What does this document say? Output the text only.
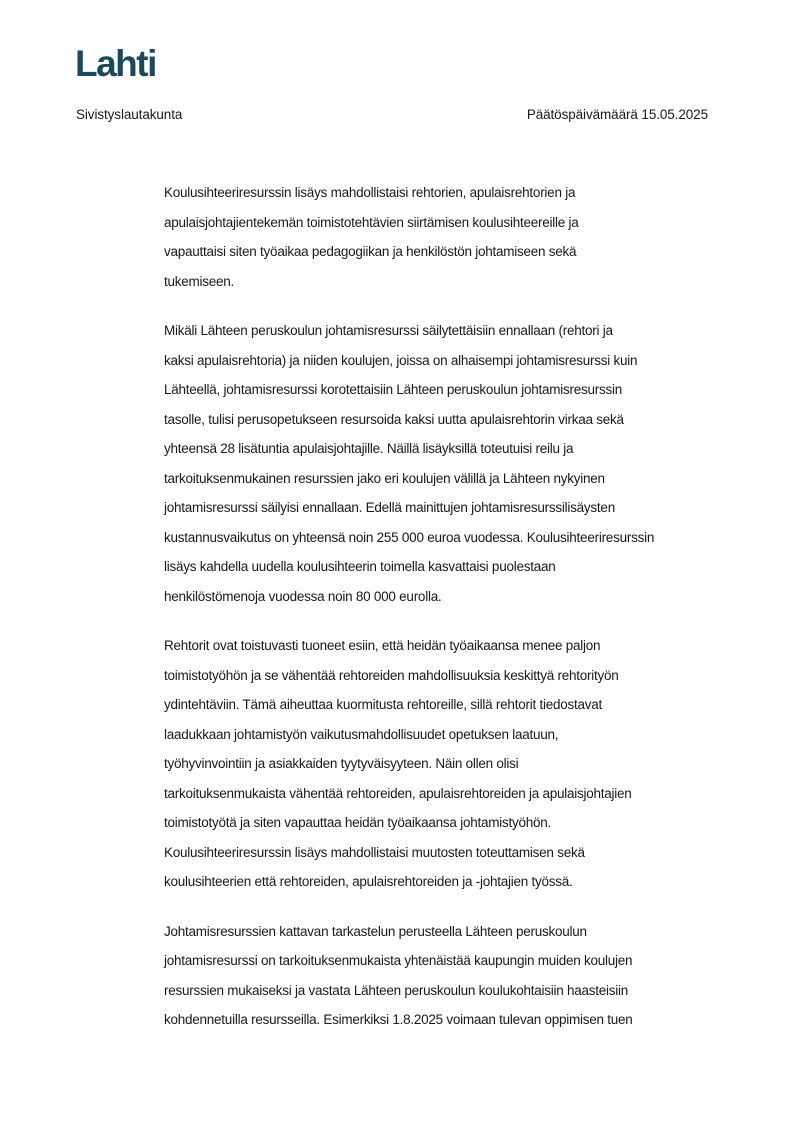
Lahti
Sivistyslautakunta	Päätöspäivämäärä 15.05.2025
Koulusihteeriresurssin lisäys mahdollistaisi rehtorien, apulaisrehtorien ja
apulaisjohtajientekemän toimistotehtävien siirtämisen koulusihteereille ja
vapauttaisi siten työaikaa pedagogiikan ja henkilöstön johtamiseen sekä
tukemiseen.
Mikäli Lähteen peruskoulun johtamisresurssi säilytettäisiin ennallaan (rehtori ja
kaksi apulaisrehtoria) ja niiden koulujen, joissa on alhaisempi johtamisresurssi kuin
Lähteellä, johtamisresurssi korotettaisiin Lähteen peruskoulun johtamisresurssin
tasolle, tulisi perusopetukseen resursoida kaksi uutta apulaisrehtorin virkaa sekä
yhteensä 28 lisätuntia apulaisjohtajille. Näillä lisäyksillä toteutuisi reilu ja
tarkoituksenmukainen resurssien jako eri koulujen välillä ja Lähteen nykyinen
johtamisresurssi säilyisi ennallaan. Edellä mainittujen johtamisresurssilisäysten
kustannusvaikutus on yhteensä noin 255 000 euroa vuodessa. Koulusihteeriresurssin
lisäys kahdella uudella koulusihteerin toimella kasvattaisi puolestaan
henkilöstömenoja vuodessa noin 80 000 eurolla.
Rehtorit ovat toistuvasti tuoneet esiin, että heidän työaikaansa menee paljon
toimistotyöhön ja se vähentää rehtoreiden mahdollisuuksia keskittyä rehtorityön
ydintehtäviin. Tämä aiheuttaa kuormitusta rehtoreille, sillä rehtorit tiedostavat
laadukkaan johtamistyön vaikutusmahdollisuudet opetuksen laatuun,
työhyvinvointiin ja asiakkaiden tyytyväisyyteen. Näin ollen olisi
tarkoituksenmukaista vähentää rehtoreiden, apulaisrehtoreiden ja apulaisjohtajien
toimistotyötä ja siten vapauttaa heidän työaikaansa johtamistyöhön.
Koulusihteeriresurssin lisäys mahdollistaisi muutosten toteuttamisen sekä
koulusihteerien että rehtoreiden, apulaisrehtoreiden ja -johtajien työssä.
Johtamisresurssien kattavan tarkastelun perusteella Lähteen peruskoulun
johtamisresurssi on tarkoituksenmukaista yhtenäistää kaupungin muiden koulujen
resurssien mukaiseksi ja vastata Lähteen peruskoulun koulukohtaisiin haasteisiin
kohdennetuilla resursseilla. Esimerkiksi 1.8.2025 voimaan tulevan oppimisen tuen
